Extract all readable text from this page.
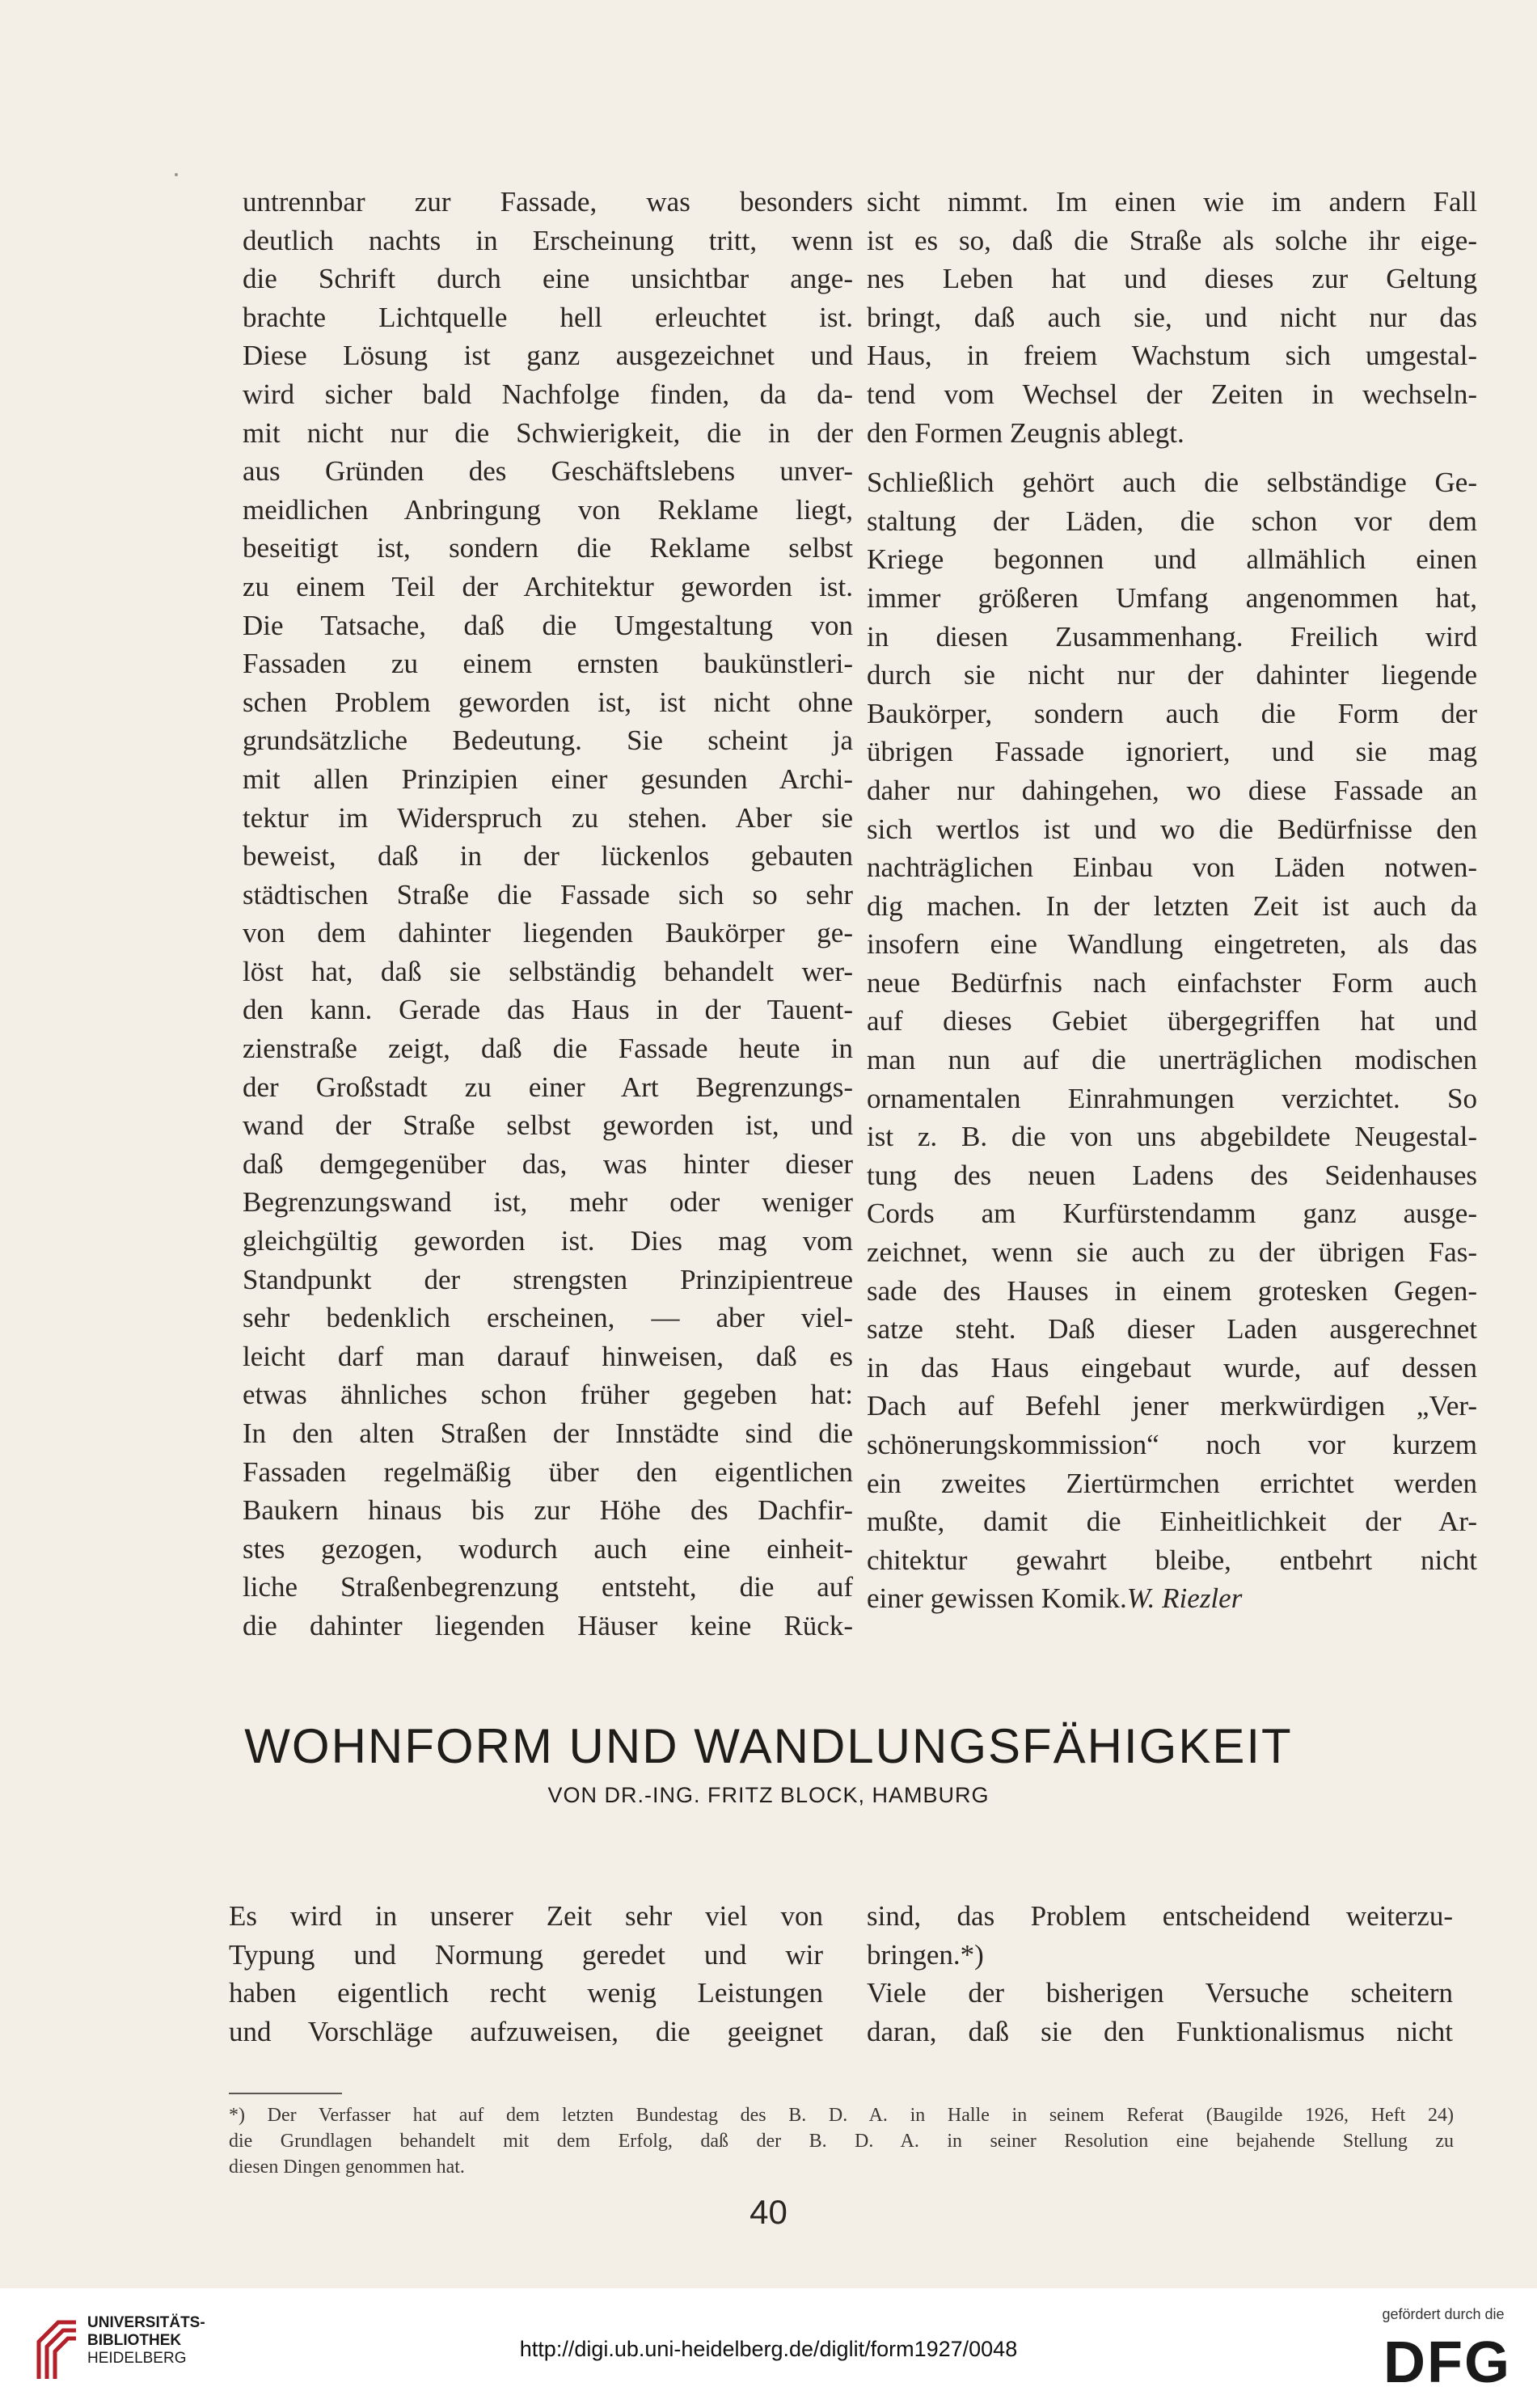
untrennbar zur Fassade, was besonders
deutlich nachts in Erscheinung tritt, wenn
die Schrift durch eine unsichtbar ange-
brachte Lichtquelle hell erleuchtet ist.
Diese Lösung ist ganz ausgezeichnet und
wird sicher bald Nachfolge finden, da da-
mit nicht nur die Schwierigkeit, die in der
aus Gründen des Geschäftslebens unver-
meidlichen Anbringung von Reklame liegt,
beseitigt ist, sondern die Reklame selbst
zu einem Teil der Architektur geworden ist.
Die Tatsache, daß die Umgestaltung von
Fassaden zu einem ernsten baukünstleri-
schen Problem geworden ist, ist nicht ohne
grundsätzliche Bedeutung. Sie scheint ja
mit allen Prinzipien einer gesunden Archi-
tektur im Widerspruch zu stehen. Aber sie
beweist, daß in der lückenlos gebauten
städtischen Straße die Fassade sich so sehr
von dem dahinter liegenden Baukörper ge-
löst hat, daß sie selbständig behandelt wer-
den kann. Gerade das Haus in der Tauent-
zienstraße zeigt, daß die Fassade heute in
der Großstadt zu einer Art Begrenzungs-
wand der Straße selbst geworden ist, und
daß demgegenüber das, was hinter dieser
Begrenzungswand ist, mehr oder weniger
gleichgültig geworden ist. Dies mag vom
Standpunkt der strengsten Prinzipientreue
sehr bedenklich erscheinen, — aber viel-
leicht darf man darauf hinweisen, daß es
etwas ähnliches schon früher gegeben hat:
In den alten Straßen der Innstädte sind die
Fassaden regelmäßig über den eigentlichen
Baukern hinaus bis zur Höhe des Dachfir-
stes gezogen, wodurch auch eine einheit-
liche Straßenbegrenzung entsteht, die auf
die dahinter liegenden Häuser keine Rück-
sicht nimmt. Im einen wie im andern Fall
ist es so, daß die Straße als solche ihr eige-
nes Leben hat und dieses zur Geltung
bringt, daß auch sie, und nicht nur das
Haus, in freiem Wachstum sich umgestal-
tend vom Wechsel der Zeiten in wechseln-
den Formen Zeugnis ablegt.
Schließlich gehört auch die selbständige Ge-
staltung der Läden, die schon vor dem
Kriege begonnen und allmählich einen
immer größeren Umfang angenommen hat,
in diesen Zusammenhang. Freilich wird
durch sie nicht nur der dahinter liegende
Baukörper, sondern auch die Form der
übrigen Fassade ignoriert, und sie mag
daher nur dahingehen, wo diese Fassade an
sich wertlos ist und wo die Bedürfnisse den
nachträglichen Einbau von Läden notwen-
dig machen. In der letzten Zeit ist auch da
insofern eine Wandlung eingetreten, als das
neue Bedürfnis nach einfachster Form auch
auf dieses Gebiet übergegriffen hat und
man nun auf die unerträglichen modischen
ornamentalen Einrahmungen verzichtet. So
ist z. B. die von uns abgebildete Neugestal-
tung des neuen Ladens des Seidenhauses
Cords am Kurfürstendamm ganz ausge-
zeichnet, wenn sie auch zu der übrigen Fas-
sade des Hauses in einem grotesken Gegen-
satze steht. Daß dieser Laden ausgerechnet
in das Haus eingebaut wurde, auf dessen
Dach auf Befehl jener merkwürdigen „Ver-
schönerungskommission“ noch vor kurzem
ein zweites Ziertürmchen errichtet werden
mußte, damit die Einheitlichkeit der Ar-
chitektur gewahrt bleibe, entbehrt nicht
einer gewissen Komik.W. Riezler
WOHNFORM UND WANDLUNGSFÄHIGKEIT

VON DR.-ING. FRITZ BLOCK, HAMBURG

Es wird in unserer Zeit sehr viel von
Typung und Normung geredet und wir
haben eigentlich recht wenig Leistungen
und Vorschläge aufzuweisen, die geeignet
sind, das Problem entscheidend weiterzu-
bringen.*)
Viele der bisherigen Versuche scheitern
daran, daß sie den Funktionalismus nicht
*) Der Verfasser hat auf dem letzten Bundestag des B. D. A. in Halle in seinem Referat (Baugilde 1926, Heft 24)
die Grundlagen behandelt mit dem Erfolg, daß der B. D. A. in seiner Resolution eine bejahende Stellung zu
diesen Dingen genommen hat.
40
UNIVERSITÄTS-
BIBLIOTHEK
HEIDELBERG	http://digi.ub.uni-heidelberg.de/diglit/form1927/0048
gefördert durch die
DFG
